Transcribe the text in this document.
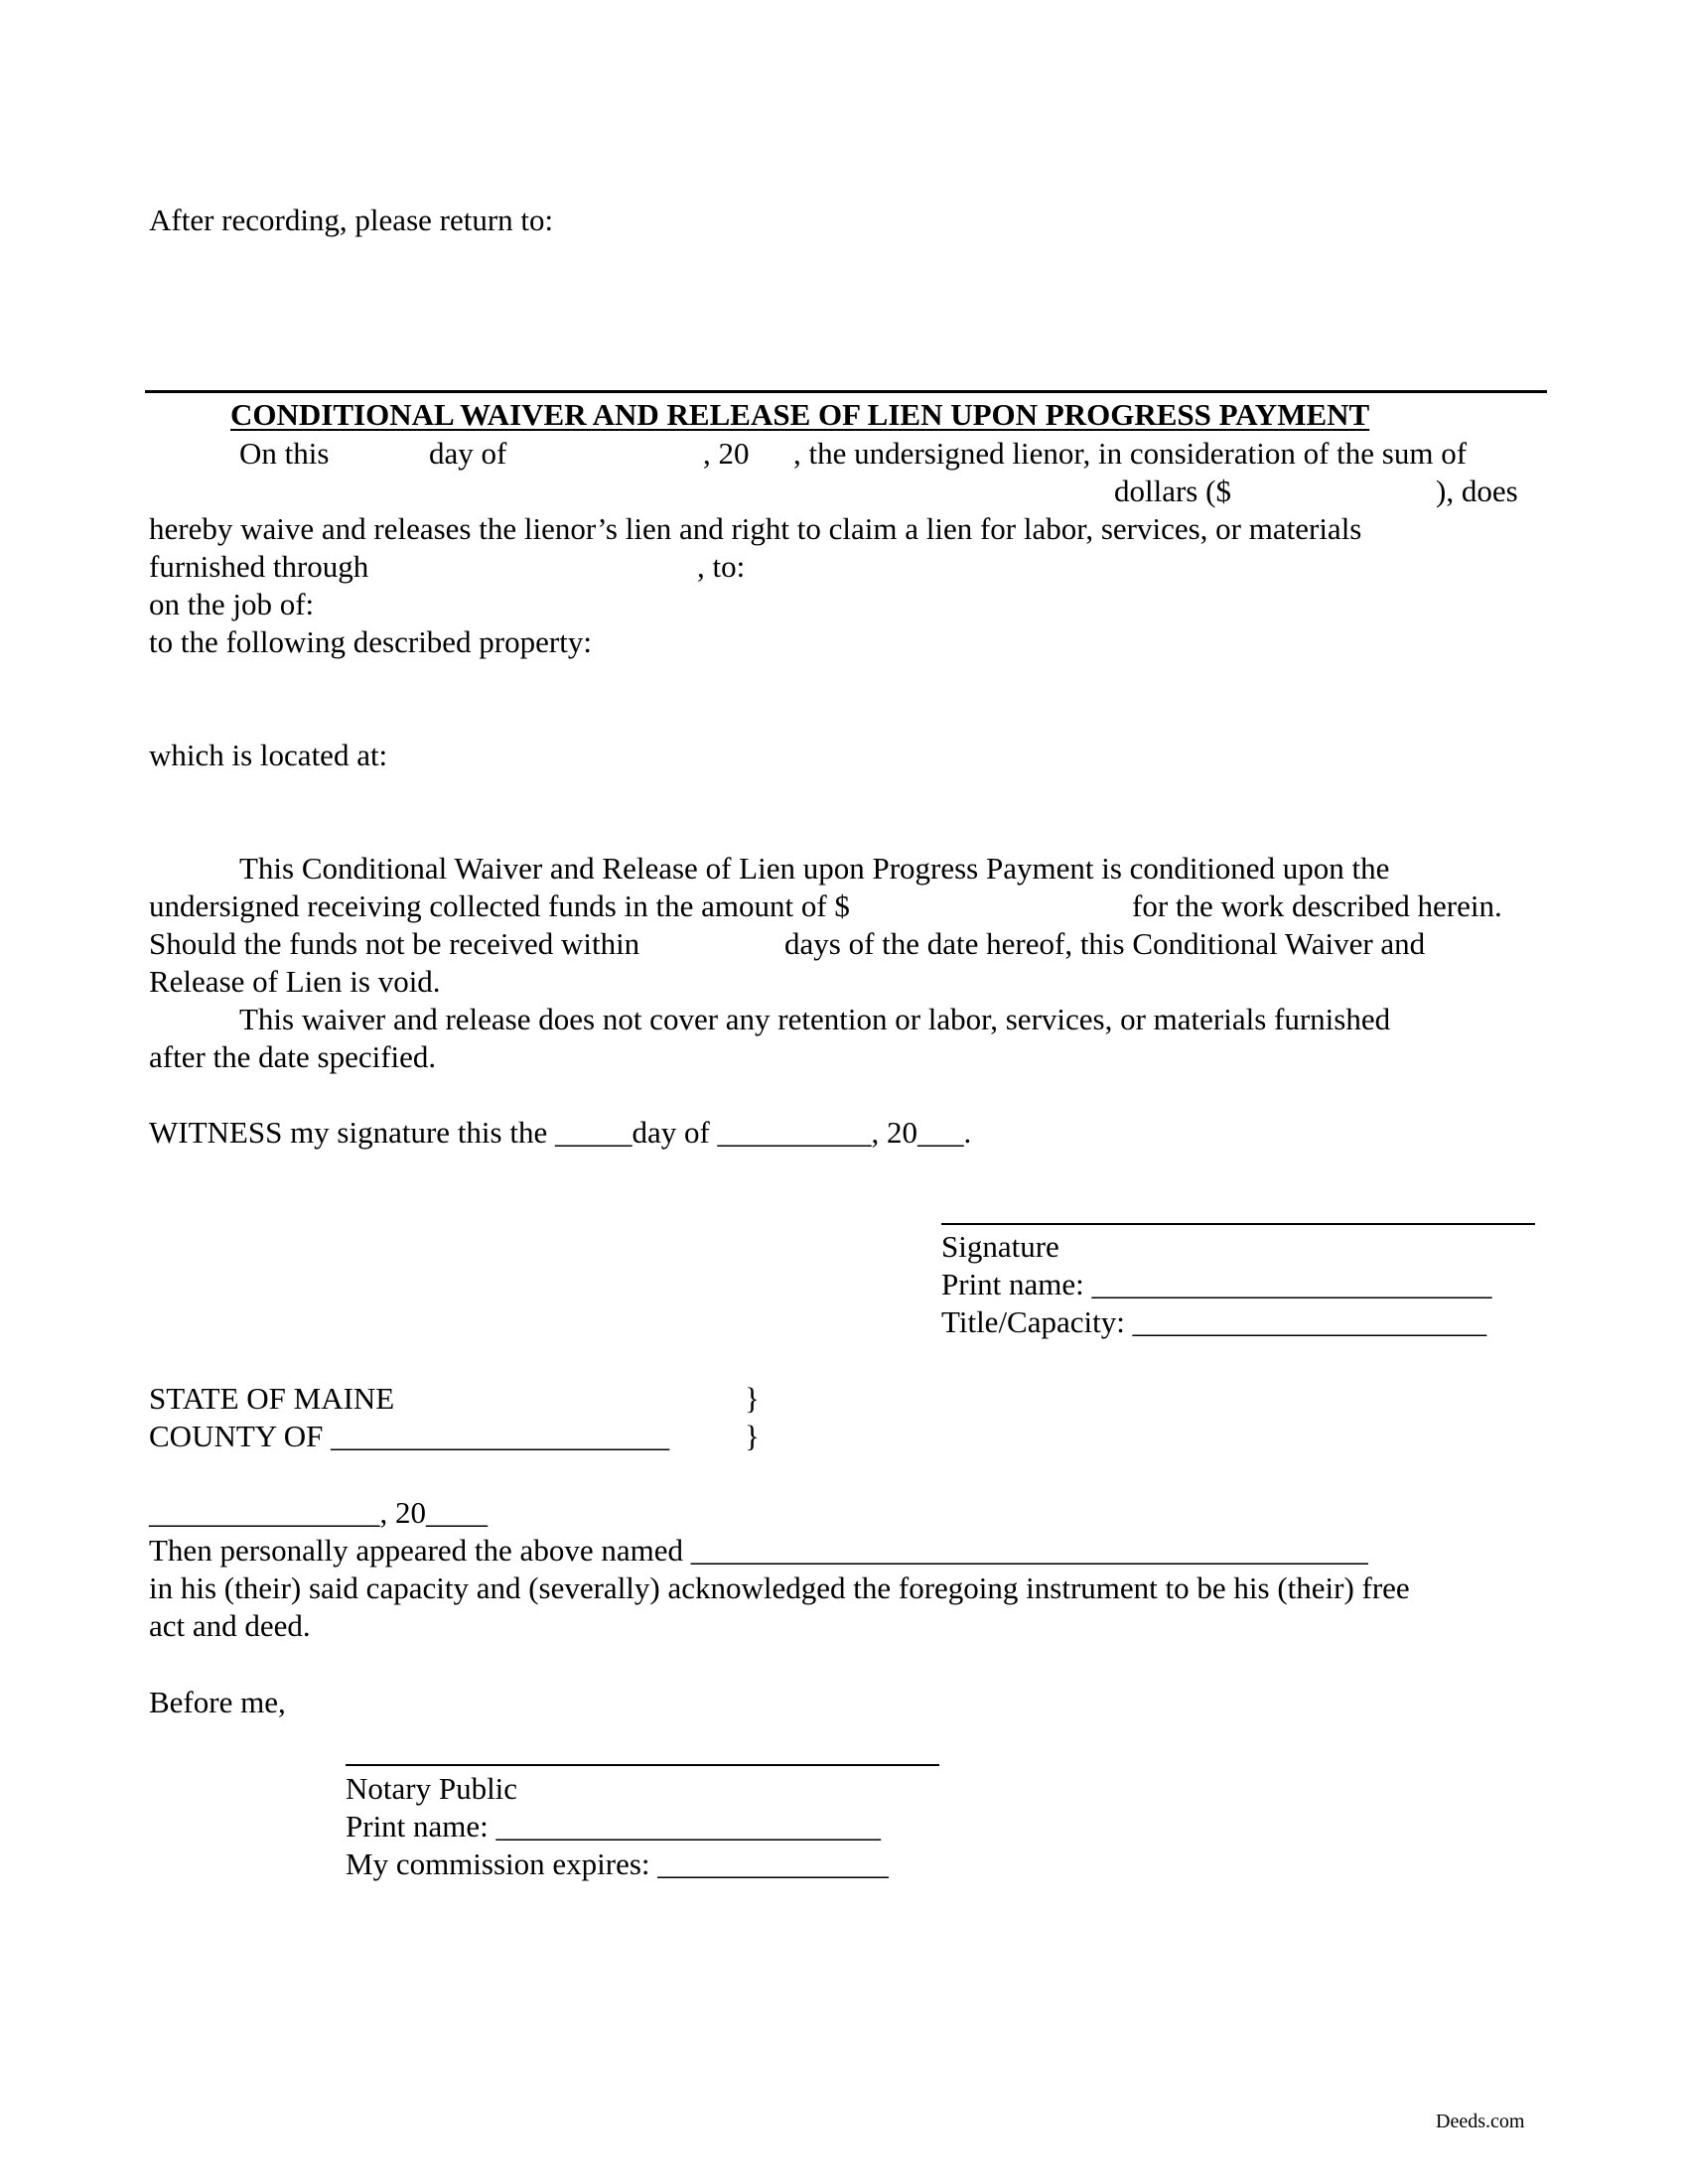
After recording, please return to:

CONDITIONAL WAIVER AND RELEASE OF LIEN UPON PROGRESS PAYMENT

On this	day of	, 20 , the undersigned lienor, in consideration of the sum of

dollars ($	), does

hereby waive and releases the lienor’s lien and right to claim a lien for labor, services, or materials

furnished through	, to:

on the job of:

to the following described property:

which is located at:

This Conditional Waiver and Release of Lien upon Progress Payment is conditioned upon the

undersigned receiving collected funds in the amount of $	for the work described herein.

Should the funds not be received within	days of the date hereof, this Conditional Waiver and

Release of Lien is void.

This waiver and release does not cover any retention or labor, services, or materials furnished

after the date specified.

WITNESS my signature this the _____day of __________, 20___.

Signature

Print name: __________________________

Title/Capacity: _______________________

STATE OF MAINE	}

COUNTY OF ______________________ }

_______________, 20____

Then personally appeared the above named ____________________________________________

in his (their) said capacity and (severally) acknowledged the foregoing instrument to be his (their) free

act and deed.

Before me,

Notary Public

Print name: _________________________

My commission expires: _______________

Deeds.com
